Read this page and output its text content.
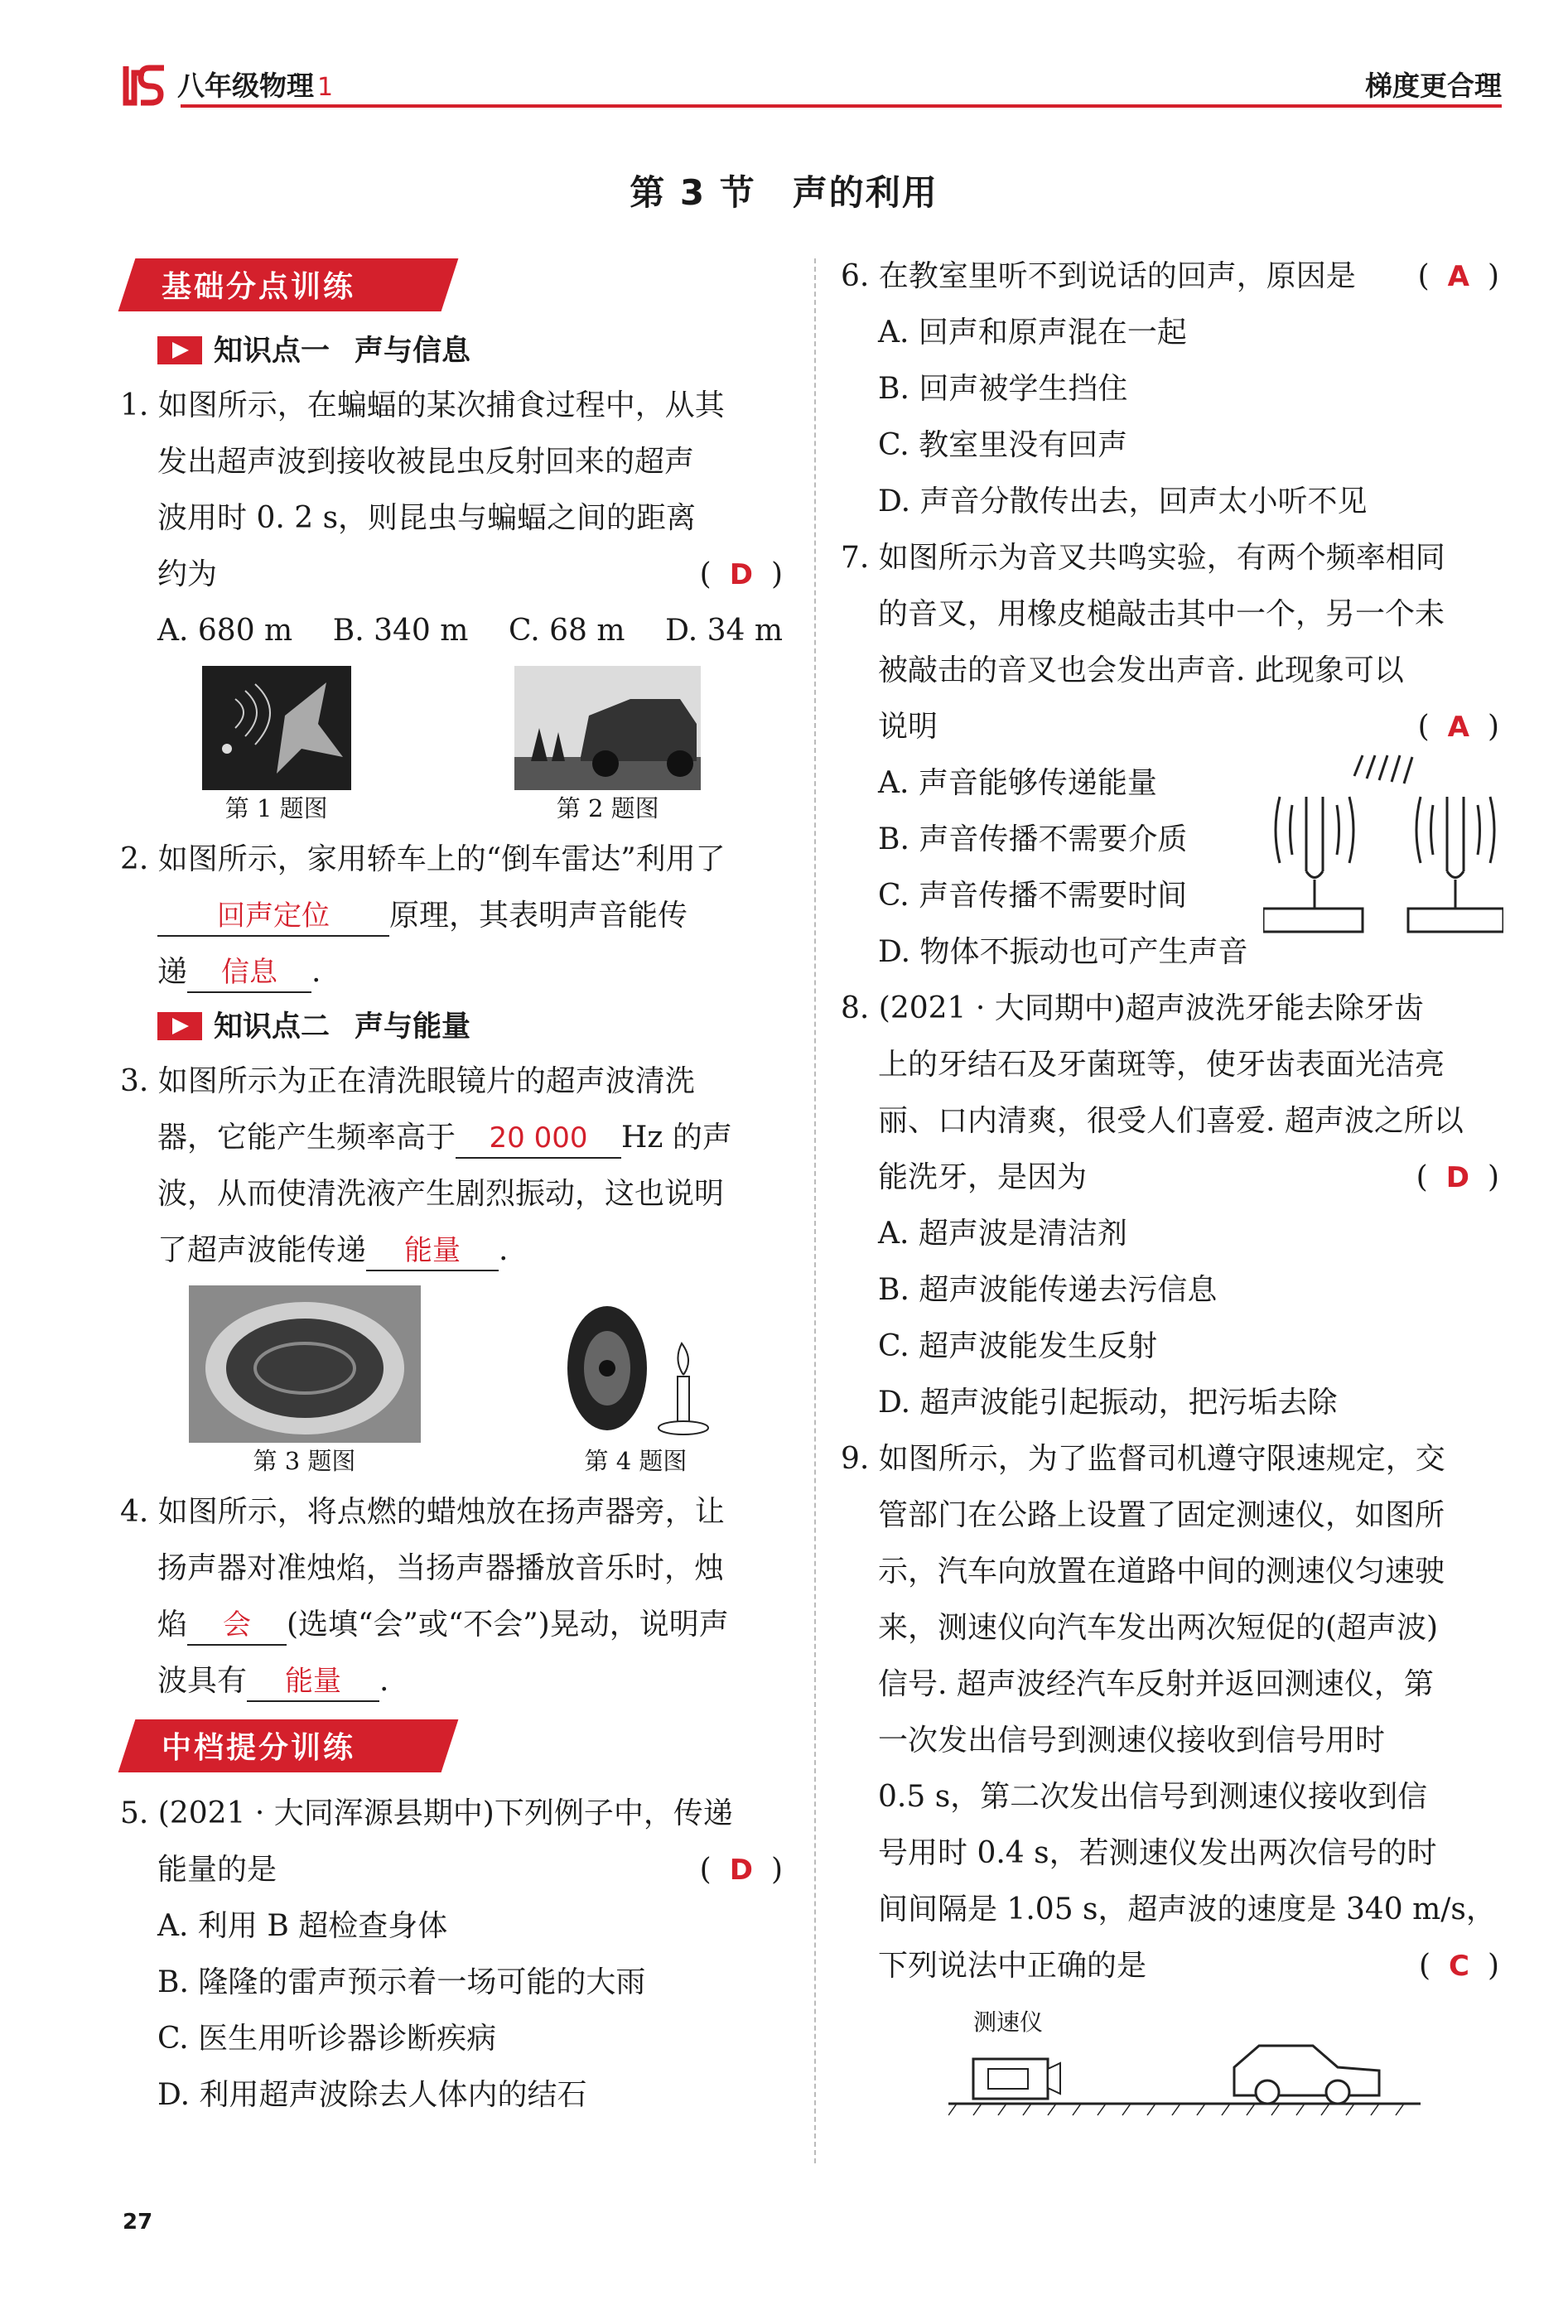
八年级物理 1	梯度更合理
第 3 节　声的利用
基础分点训练

知识点一 声与信息

1. 如图所示，在蝙蝠的某次捕食过程中，从其

发出超声波到接收被昆虫反射回来的超声

波用时 0. 2 s，则昆虫与蝙蝠之间的距离

约为	( D )

A. 680 m B. 340 m C. 68 m D. 34 m
第 1 题图	第 2 题图

2. 如图所示，家用轿车上的“倒车雷达”利用了

回声定位 原理，其表明声音能传

递 信息 .

知识点二 声与能量

3. 如图所示为正在清洗眼镜片的超声波清洗

器，它能产生频率高于 20 000 Hz 的声

波，从而使清洗液产生剧烈振动，这也说明

了超声波能传递 能量 .

第 3 题图	第 4 题图

4. 如图所示，将点燃的蜡烛放在扬声器旁，让

扬声器对准烛焰，当扬声器播放音乐时，烛

焰 会 (选填“会”或“不会”)晃动，说明声

波具有 能量 .

中档提分训练

5. (2021 · 大同浑源县期中)下列例子中，传递

能量的是	( D )

A. 利用 B 超检查身体

B. 隆隆的雷声预示着一场可能的大雨

C. 医生用听诊器诊断疾病

D. 利用超声波除去人体内的结石

6. 在教室里听不到说话的回声，原因是 ( A )

A. 回声和原声混在一起

B. 回声被学生挡住

C. 教室里没有回声

D. 声音分散传出去，回声太小听不见

7. 如图所示为音叉共鸣实验，有两个频率相同

的音叉，用橡皮槌敲击其中一个，另一个未

被敲击的音叉也会发出声音. 此现象可以

说明	( A )

A. 声音能够传递能量

B. 声音传播不需要介质

C. 声音传播不需要时间

D. 物体不振动也可产生声音

8. (2021 · 大同期中)超声波洗牙能去除牙齿

上的牙结石及牙菌斑等，使牙齿表面光洁亮

丽、口内清爽，很受人们喜爱. 超声波之所以

能洗牙，是因为	( D )

A. 超声波是清洁剂

B. 超声波能传递去污信息

C. 超声波能发生反射

D. 超声波能引起振动，把污垢去除

9. 如图所示，为了监督司机遵守限速规定，交

管部门在公路上设置了固定测速仪，如图所

示，汽车向放置在道路中间的测速仪匀速驶

来，测速仪向汽车发出两次短促的(超声波)

信号. 超声波经汽车反射并返回测速仪，第

一次发出信号到测速仪接收到信号用时

0.5 s，第二次发出信号到测速仪接收到信

号用时 0.4 s，若测速仪发出两次信号的时

间间隔是 1.05 s，超声波的速度是 340 m/s，

下列说法中正确的是	( C )

测速仪
27
